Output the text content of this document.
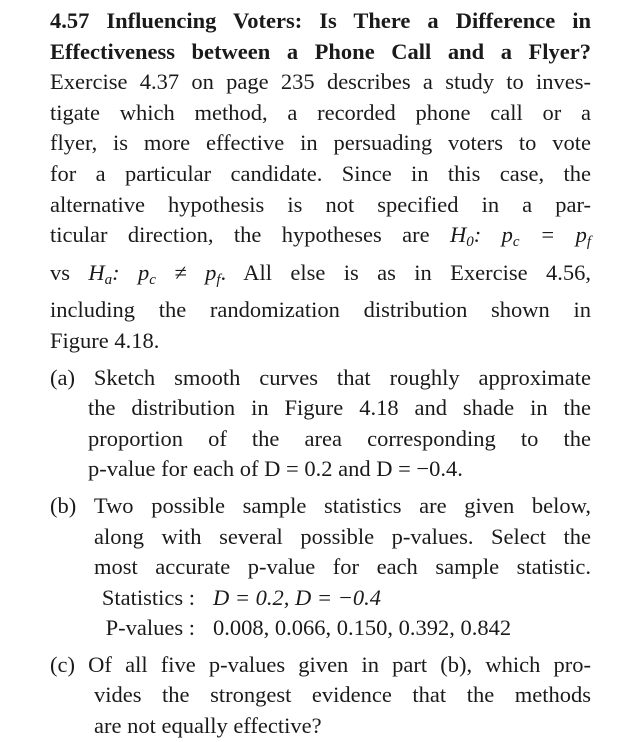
4.57 Influencing Voters: Is There a Difference in
Effectiveness between a Phone Call and a Flyer?
Exercise 4.37 on page 235 describes a study to inves-
tigate which method, a recorded phone call or a
flyer, is more effective in persuading voters to vote
for a particular candidate. Since in this case, the
alternative hypothesis is not specified in a par-
ticular direction, the hypotheses are $H_0$: $p_c = p_f$
vs $H_a$: $p_c \ne p_f$. All else is as in Exercise 4.56,
including the randomization distribution shown in
Figure 4.18.
(a) Sketch smooth curves that roughly approximate
the distribution in Figure 4.18 and shade in the
proportion of the area corresponding to the
p-value for each of D = 0.2 and D = −0.4.
(b) Two possible sample statistics are given below,
along with several possible p-values. Select the
most accurate p-value for each sample statistic.
Statistics : D = 0.2, D = −0.4
P-values : 0.008, 0.066, 0.150, 0.392, 0.842
(c) Of all five p-values given in part (b), which pro-
vides the strongest evidence that the methods
are not equally effective?
